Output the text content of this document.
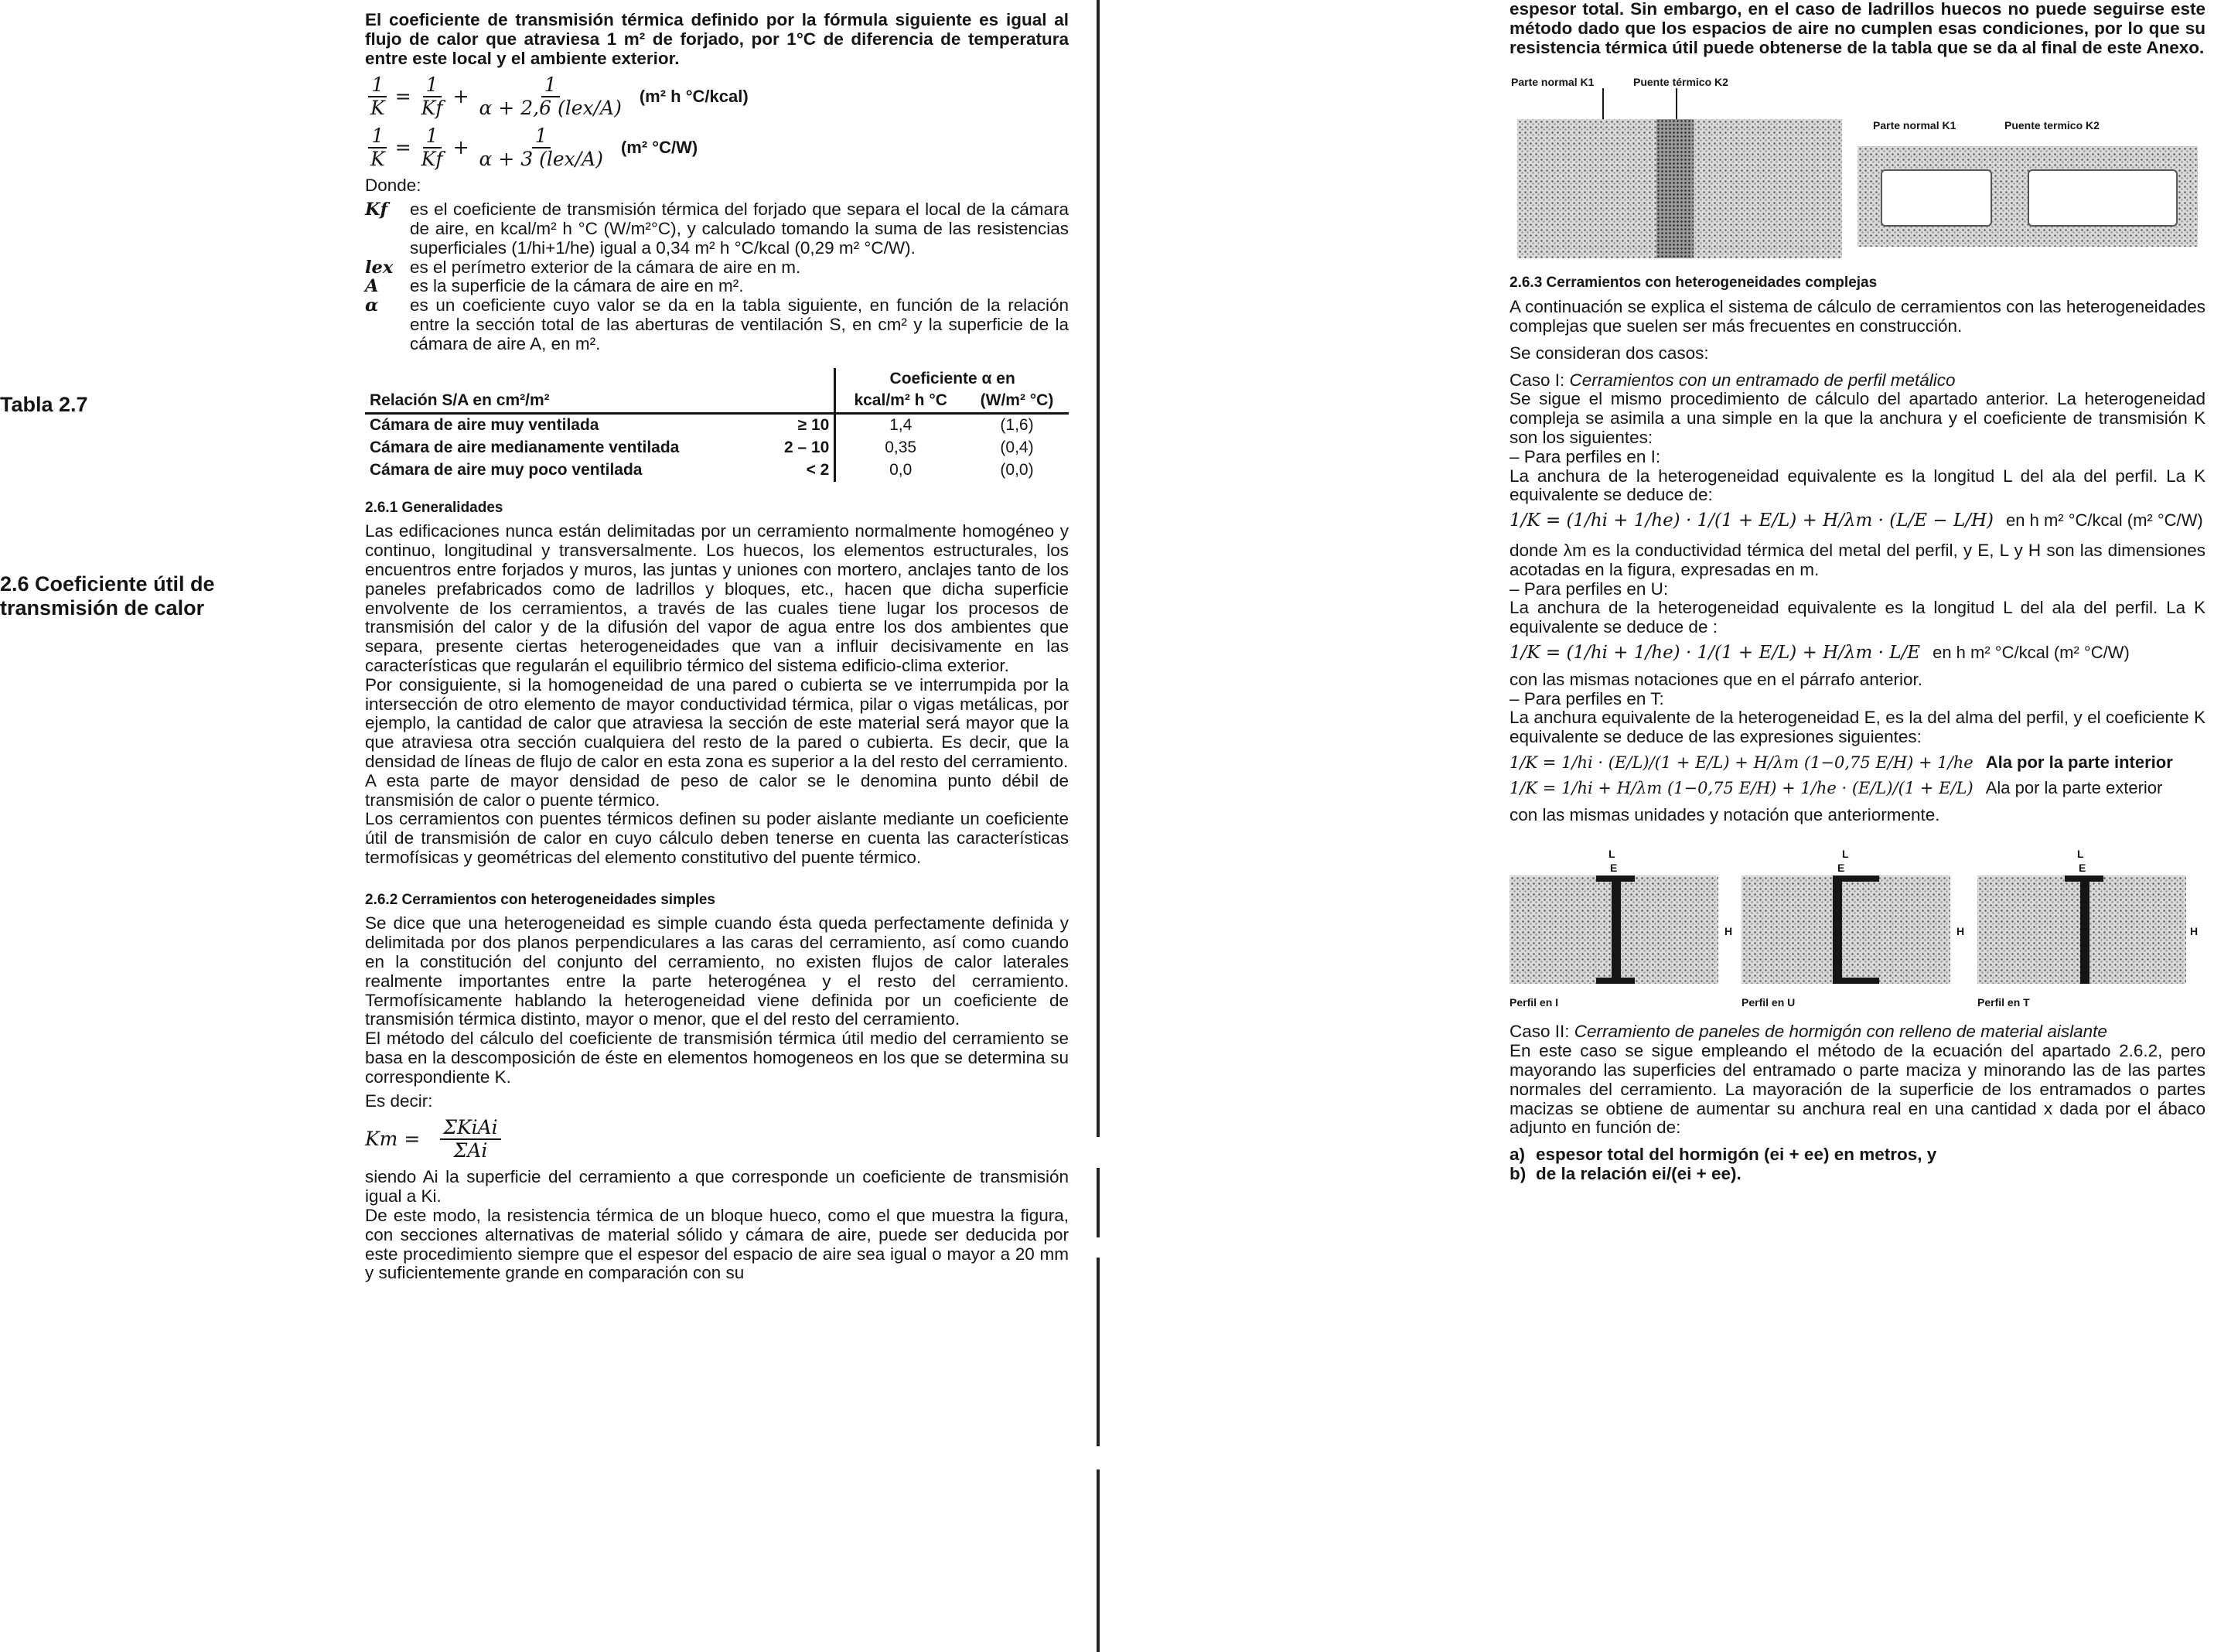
Tabla 2.7
2.6 Coeficiente útil de transmisión de calor

El coeficiente de transmisión térmica definido por la fórmula siguiente es igual al flujo de calor que atraviesa 1 m² de forjado, por 1°C de diferencia de temperatura entre este local y el ambiente exterior.

$\frac{1}{K} = \frac{1}{Kf} + \frac{1}{\text{α + 2,6 (lex/A)}} (m^2$ h °C/kcal)
$\frac{1}{K} = \frac{1}{Kf} + \frac{1}{\text{α + 3 (lex/A)}} (m^2$ °C/W)

Donde:

Kf	es el coeficiente de transmisión térmica del forjado que separa el local de la cámara de aire, en kcal/m² h °C (W/m²°C), y calculado tomando la suma de las resistencias superficiales (1/hi+1/he) igual a 0,34 m² h °C/kcal (0,29 m² °C/W).
lex es el perímetro exterior de la cámara de aire en m.
A	es la superficie de la cámara de aire en m².
α	es un coeficiente cuyo valor se da en la tabla siguiente, en función de la relación entre la sección total de las aberturas de ventilación S, en cm² y la superficie de la cámara de aire A, en m².
Relación S/A en cm²/m²		Coeficiente α en	
		kcal/m² h °C	(W/m² °C)
Cámara de aire muy ventilada	≥ 10	1,4	(1,6)
Cámara de aire medianamente ventilada	2 – 10	0,35	(0,4)
Cámara de aire muy poco ventilada	< 2	0,0	(0,0)
2.6.1 Generalidades

Las edificaciones nunca están delimitadas por un cerramiento normalmente homogéneo y continuo, longitudinal y transversalmente. Los huecos, los elementos estructurales, los encuentros entre forjados y muros, las juntas y uniones con mortero, anclajes tanto de los paneles prefabricados como de ladrillos y bloques, etc., hacen que dicha superficie envolvente de los cerramientos, a través de las cuales tiene lugar los procesos de transmisión del calor y de la difusión del vapor de agua entre los dos ambientes que separa, presente ciertas heterogeneidades que van a influir decisivamente en las características que regularán el equilibrio térmico del sistema edificio-clima exterior.

Por consiguiente, si la homogeneidad de una pared o cubierta se ve interrumpida por la intersección de otro elemento de mayor conductividad térmica, pilar o vigas metálicas, por ejemplo, la cantidad de calor que atraviesa la sección de este material será mayor que la que atraviesa otra sección cualquiera del resto de la pared o cubierta. Es decir, que la densidad de líneas de flujo de calor en esta zona es superior a la del resto del cerramiento.

A esta parte de mayor densidad de peso de calor se le denomina punto débil de transmisión de calor o puente térmico.

Los cerramientos con puentes térmicos definen su poder aislante mediante un coeficiente útil de transmisión de calor en cuyo cálculo deben tenerse en cuenta las características termofísicas y geométricas del elemento constitutivo del puente térmico.

2.6.2 Cerramientos con heterogeneidades simples

Se dice que una heterogeneidad es simple cuando ésta queda perfectamente definida y delimitada por dos planos perpendiculares a las caras del cerramiento, así como cuando en la constitución del conjunto del cerramiento, no existen flujos de calor laterales realmente importantes entre la parte heterogénea y el resto del cerramiento. Termofísicamente hablando la heterogeneidad viene definida por un coeficiente de transmisión térmica distinto, mayor o menor, que el del resto del cerramiento.

El método del cálculo del coeficiente de transmisión térmica útil medio del cerramiento se basa en la descomposición de éste en elementos homogeneos en los que se determina su correspondiente K.

Es decir:

$Km = \frac{\text{ΣKiAi}}{\text{ΣAi}}$

siendo Ai la superficie del cerramiento a que corresponde un coeficiente de transmisión igual a Ki.

De este modo, la resistencia térmica de un bloque hueco, como el que muestra la figura, con secciones alternativas de material sólido y cámara de aire, puede ser deducida por este procedimiento siempre que el espesor del espacio de aire sea igual o mayor a 20 mm y suficientemente grande en comparación con su

espesor total. Sin embargo, en el caso de ladrillos huecos no puede seguirse este método dado que los espacios de aire no cumplen esas condiciones, por lo que su resistencia térmica útil puede obtenerse de la tabla que se da al final de este Anexo.

Parte normal K1	Puente térmico K2
Parte normal K1	Puente termico K2
2.6.3 Cerramientos con heterogeneidades complejas

A continuación se explica el sistema de cálculo de cerramientos con las heterogeneidades complejas que suelen ser más frecuentes en construcción.

Se consideran dos casos:

Caso I: Cerramientos con un entramado de perfil metálico

Se sigue el mismo procedimiento de cálculo del apartado anterior. La heterogeneidad compleja se asimila a una simple en la que la anchura y el coeficiente de transmisión K son los siguientes:

– Para perfiles en I:

La anchura de la heterogeneidad equivalente es la longitud L del ala del perfil. La K equivalente se deduce de:

1/K = (1/hi + 1/he) · 1/(1 + E/L) + H/λm · (L/E − L/H) en h m² °C/kcal (m² °C/W)

donde λm es la conductividad térmica del metal del perfil, y E, L y H son las dimensiones acotadas en la figura, expresadas en m.

– Para perfiles en U:

La anchura de la heterogeneidad equivalente es la longitud L del ala del perfil. La K equivalente se deduce de :

1/K = (1/hi + 1/he) · 1/(1 + E/L) + H/λm · L/E en h m² °C/kcal (m² °C/W)

con las mismas notaciones que en el párrafo anterior.

– Para perfiles en T:

La anchura equivalente de la heterogeneidad E, es la del alma del perfil, y el coeficiente K equivalente se deduce de las expresiones siguientes:

1/K = 1/hi · (E/L)/(1 + E/L) + H/λm (1−0,75 E/H) + 1/he Ala por la parte interior
1/K = 1/hi + H/λm (1−0,75 E/H) + 1/he · (E/L)/(1 + E/L) Ala por la parte exterior

con las mismas unidades y notación que anteriormente.

L
E
H
Perfil en I
L
E
H
Perfil en U
L
E
H
Perfil en T

Caso II: Cerramiento de paneles de hormigón con relleno de material aislante

En este caso se sigue empleando el método de la ecuación del apartado 2.6.2, pero mayorando las superficies del entramado o parte maciza y minorando las de las partes normales del cerramiento. La mayoración de la superficie de los entramados o partes macizas se obtiene de aumentar su anchura real en una cantidad x dada por el ábaco adjunto en función de:

a) espesor total del hormigón (ei + ee) en metros, y
b) de la relación ei/(ei + ee).
